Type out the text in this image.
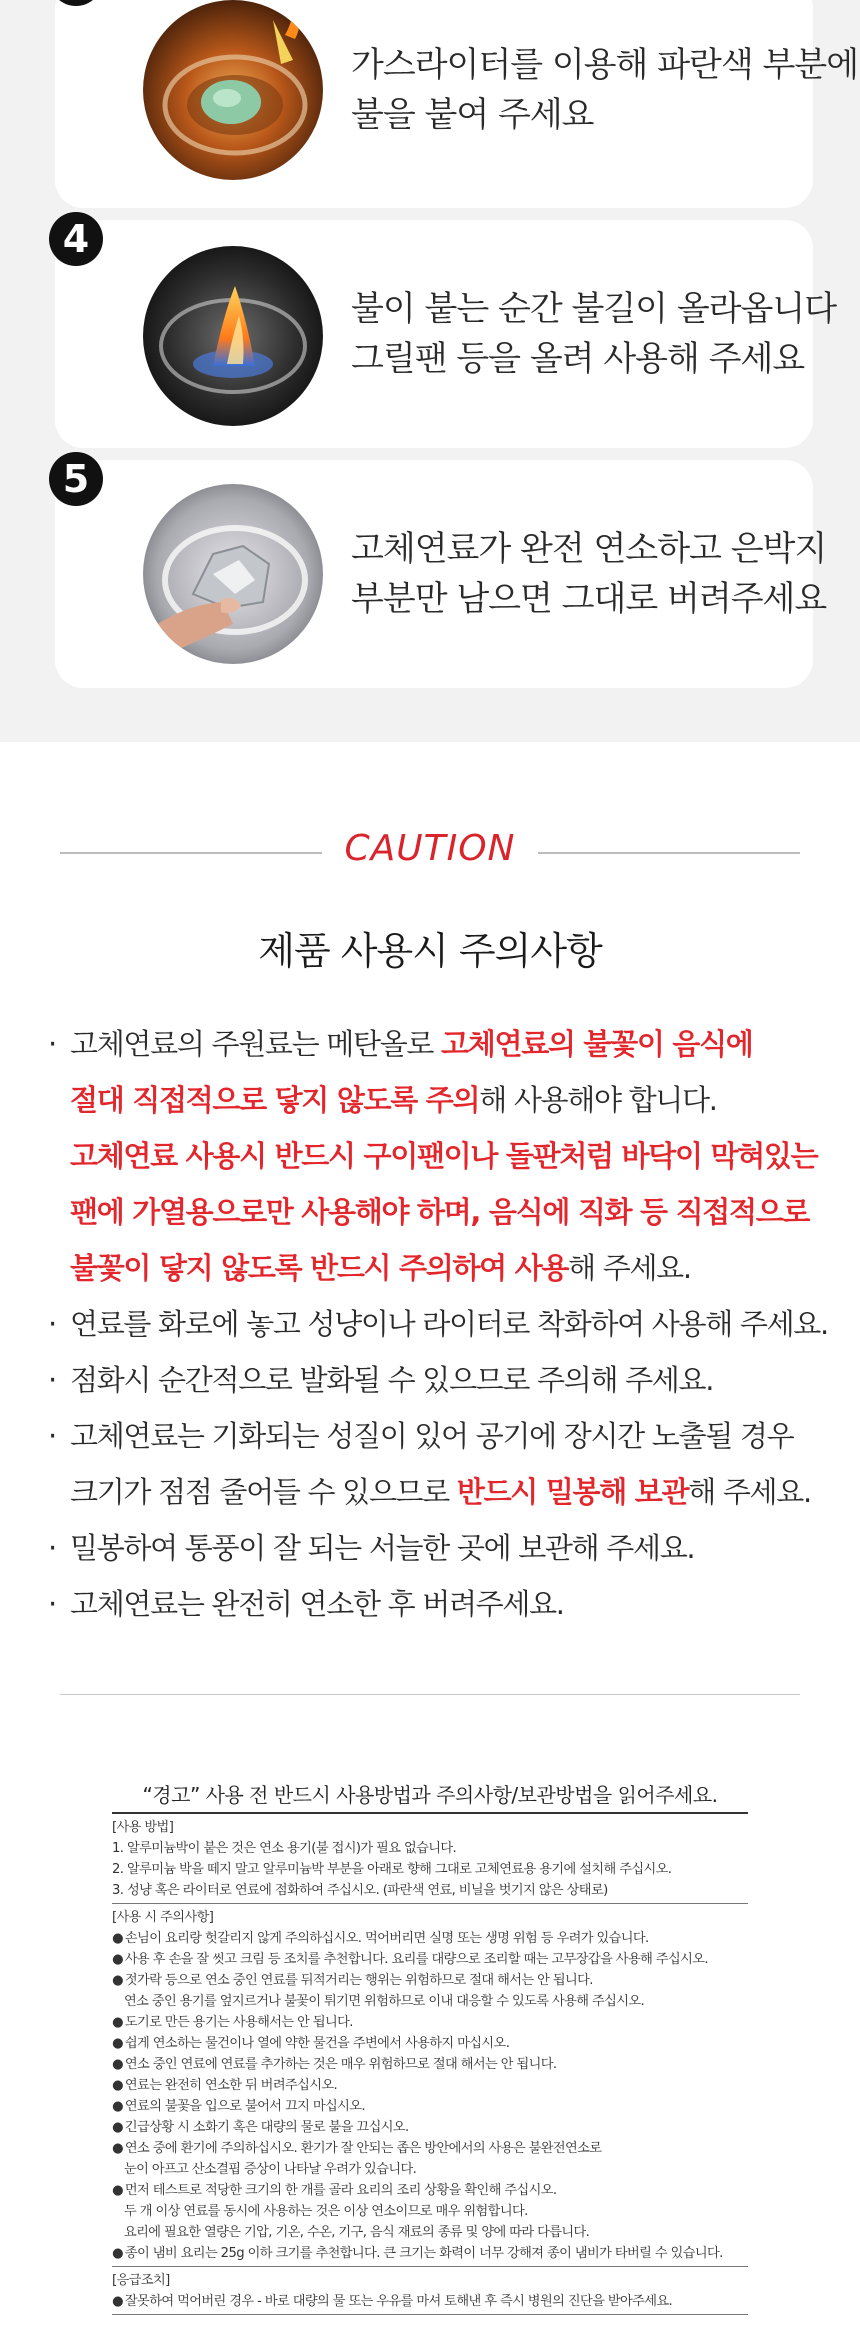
가스라이터를 이용해 파란색 부분에
불을 붙여 주세요
4
불이 붙는 순간 불길이 올라옵니다
그릴팬 등을 올려 사용해 주세요
5
고체연료가 완전 연소하고 은박지
부분만 남으면 그대로 버려주세요
CAUTION
제품 사용시 주의사항
· 고체연료의 주원료는 메탄올로 고체연료의 불꽃이 음식에
절대 직접적으로 닿지 않도록 주의해 사용해야 합니다.
고체연료 사용시 반드시 구이팬이나 돌판처럼 바닥이 막혀있는
팬에 가열용으로만 사용해야 하며, 음식에 직화 등 직접적으로
불꽃이 닿지 않도록 반드시 주의하여 사용해 주세요.
· 연료를 화로에 놓고 성냥이나 라이터로 착화하여 사용해 주세요.
· 점화시 순간적으로 발화될 수 있으므로 주의해 주세요.
· 고체연료는 기화되는 성질이 있어 공기에 장시간 노출될 경우
크기가 점점 줄어들 수 있으므로 반드시 밀봉해 보관해 주세요.
· 밀봉하여 통풍이 잘 되는 서늘한 곳에 보관해 주세요.
· 고체연료는 완전히 연소한 후 버려주세요.
“경고” 사용 전 반드시 사용방법과 주의사항/보관방법을 읽어주세요.
[사용 방법]
1. 알루미늄박이 붙은 것은 연소 용기(불 접시)가 필요 없습니다.
2. 알루미늄 박을 떼지 말고 알루미늄박 부분을 아래로 향해 그대로 고체연료용 용기에 설치해 주십시오.
3. 성냥 혹은 라이터로 연료에 점화하여 주십시오. (파란색 연료, 비닐을 벗기지 않은 상태로)
[사용 시 주의사항]
● 손님이 요리랑 헛갈리지 않게 주의하십시오. 먹어버리면 실명 또는 생명 위험 등 우려가 있습니다.
● 사용 후 손을 잘 씻고 크림 등 조치를 추천합니다. 요리를 대량으로 조리할 때는 고무장갑을 사용해 주십시오.
● 젓가락 등으로 연소 중인 연료를 뒤적거리는 행위는 위험하므로 절대 해서는 안 됩니다.
연소 중인 용기를 엎지르거나 불꽃이 튀기면 위험하므로 이내 대응할 수 있도록 사용해 주십시오.
● 도기로 만든 용기는 사용해서는 안 됩니다.
● 쉽게 연소하는 물건이나 열에 약한 물건을 주변에서 사용하지 마십시오.
● 연소 중인 연료에 연료를 추가하는 것은 매우 위험하므로 절대 해서는 안 됩니다.
● 연료는 완전히 연소한 뒤 버려주십시오.
● 연료의 불꽃을 입으로 불어서 끄지 마십시오.
● 긴급상황 시 소화기 혹은 대량의 물로 불을 끄십시오.
● 연소 중에 환기에 주의하십시오. 환기가 잘 안되는 좁은 방안에서의 사용은 불완전연소로
눈이 아프고 산소결핍 증상이 나타날 우려가 있습니다.
● 먼저 테스트로 적당한 크기의 한 개를 골라 요리의 조리 상황을 확인해 주십시오.
두 개 이상 연료를 동시에 사용하는 것은 이상 연소이므로 매우 위험합니다.
요리에 필요한 열량은 기압, 기온, 수온, 기구, 음식 재료의 종류 및 양에 따라 다릅니다.
● 종이 냄비 요리는 25g 이하 크기를 추천합니다. 큰 크기는 화력이 너무 강해져 종이 냄비가 타버릴 수 있습니다.
[응급조치]
● 잘못하여 먹어버린 경우 - 바로 대량의 물 또는 우유를 마셔 토해낸 후 즉시 병원의 진단을 받아주세요.
